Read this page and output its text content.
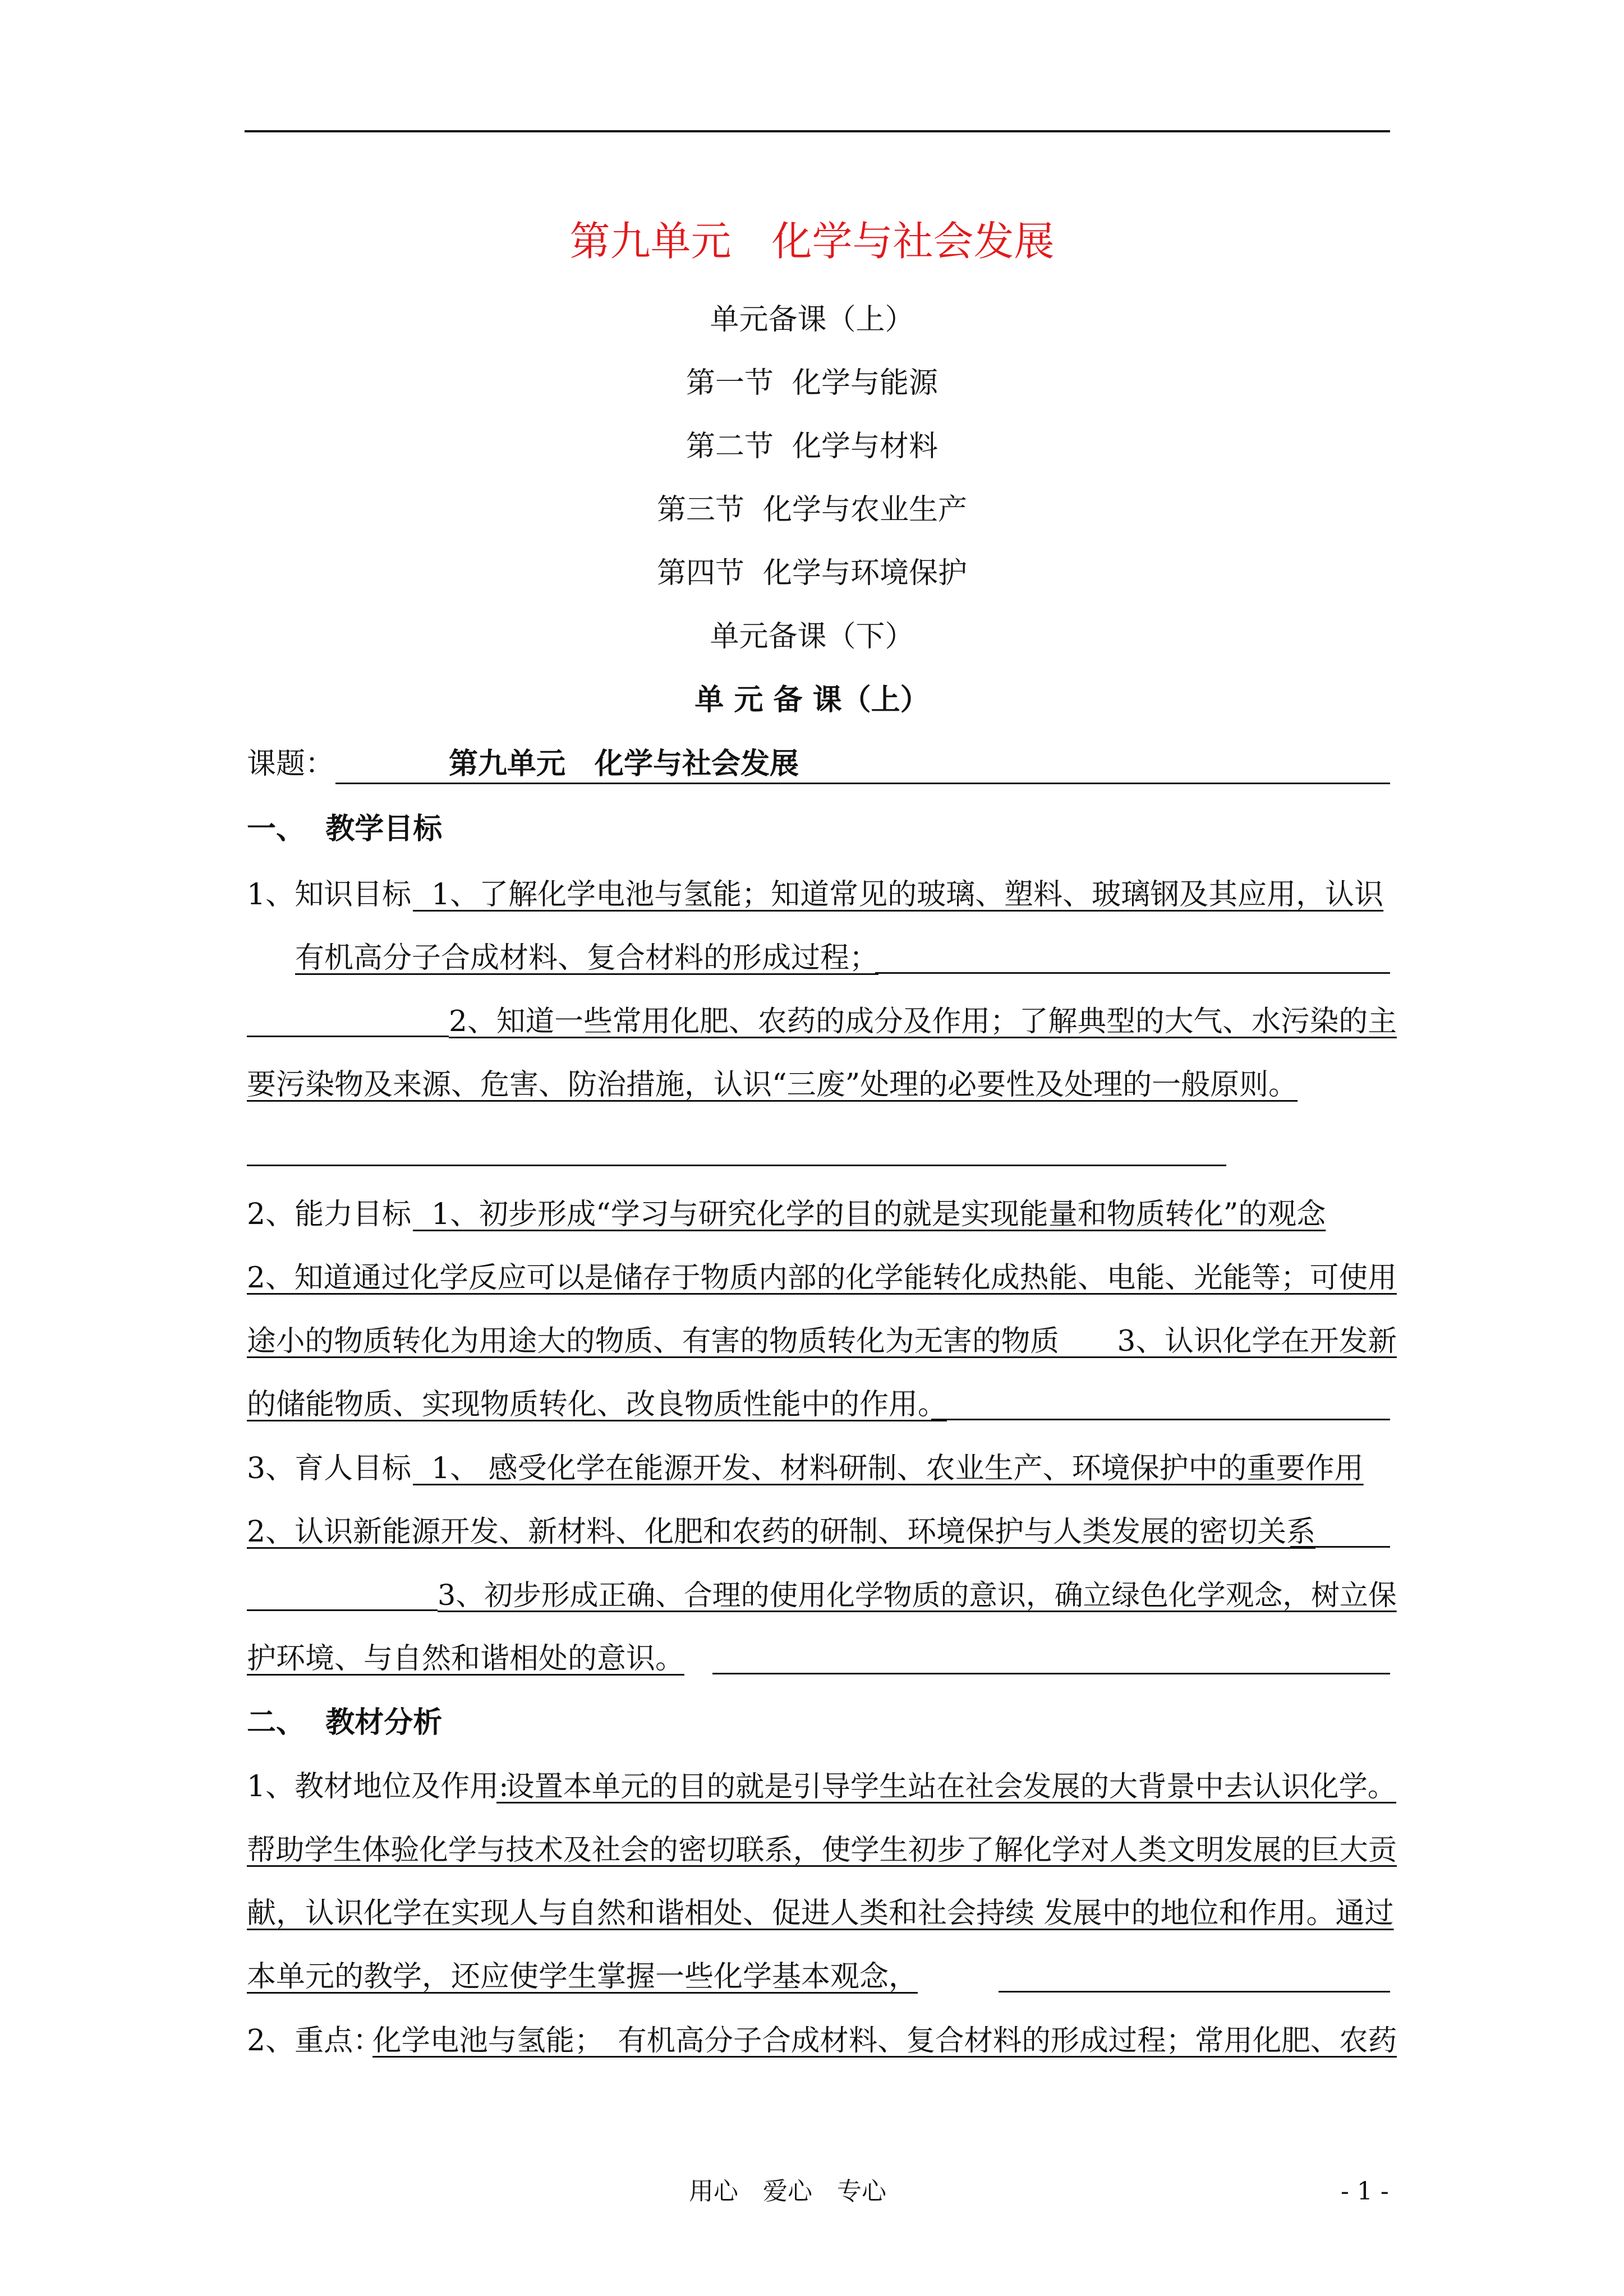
第九单元　化学与社会发展
单元备课（上）
第一节  化学与能源
第二节  化学与材料
第三节  化学与农业生产
第四节  化学与环境保护
单元备课（下）
单 元 备 课（上）
课题：	第九单元　化学与社会发展
一、  教学目标
1、知识目标 1、了解化学电池与氢能；知道常见的玻璃、塑料、玻璃钢及其应用，认识
有机高分子合成材料、复合材料的形成过程；
2、知道一些常用化肥、农药的成分及作用；了解典型的大气、水污染的主
要污染物及来源、危害、防治措施，认识“三废”处理的必要性及处理的一般原则。
2、能力目标 1、初步形成“学习与研究化学的目的就是实现能量和物质转化”的观念
2、知道通过化学反应可以是储存于物质内部的化学能转化成热能、电能、光能等；可使用
途小的物质转化为用途大的物质、有害的物质转化为无害的物质　　3、认识化学在开发新
的储能物质、实现物质转化、改良物质性能中的作用。
3、育人目标 1、 感受化学在能源开发、材料研制、农业生产、环境保护中的重要作用
2、认识新能源开发、新材料、化肥和农药的研制、环境保护与人类发展的密切关系
3、初步形成正确、合理的使用化学物质的意识，确立绿色化学观念，树立保
护环境、与自然和谐相处的意识。
二、  教材分析
1、教材地位及作用:
设置本单元的目的就是引导学生站在社会发展的大背景中去认识化学。
帮助学生体验化学与技术及社会的密切联系，使学生初步了解化学对人类文明发展的巨大贡
献，认识化学在实现人与自然和谐相处、促进人类和社会持续 发展中的地位和作用。通过
本单元的教学，还应使学生掌握一些化学基本观念，
2、重点：
化学电池与氢能；　有机高分子合成材料、复合材料的形成过程；常用化肥、农药
用心　爱心　专心	- 1 -
